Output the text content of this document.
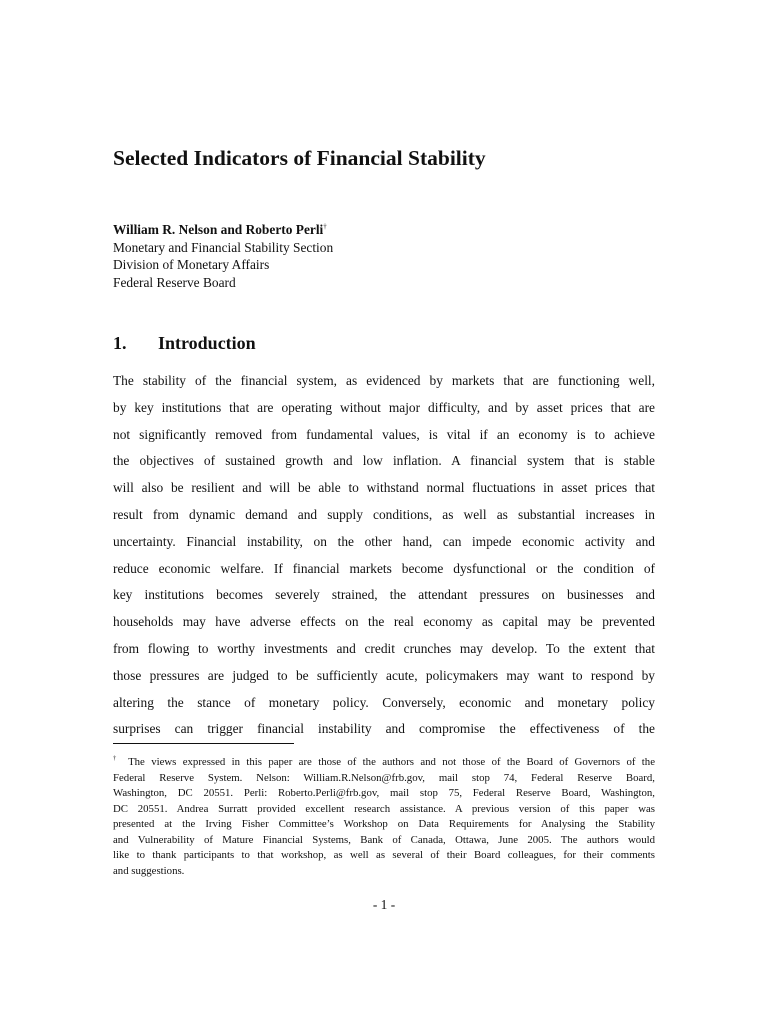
Selected Indicators of Financial Stability
William R. Nelson and Roberto Perli†
Monetary and Financial Stability Section
Division of Monetary Affairs
Federal Reserve Board
1. Introduction
The stability of the financial system, as evidenced by markets that are functioning well,
by key institutions that are operating without major difficulty, and by asset prices that are
not significantly removed from fundamental values, is vital if an economy is to achieve
the objectives of sustained growth and low inflation. A financial system that is stable
will also be resilient and will be able to withstand normal fluctuations in asset prices that
result from dynamic demand and supply conditions, as well as substantial increases in
uncertainty. Financial instability, on the other hand, can impede economic activity and
reduce economic welfare. If financial markets become dysfunctional or the condition of
key institutions becomes severely strained, the attendant pressures on businesses and
households may have adverse effects on the real economy as capital may be prevented
from flowing to worthy investments and credit crunches may develop. To the extent that
those pressures are judged to be sufficiently acute, policymakers may want to respond by
altering the stance of monetary policy. Conversely, economic and monetary policy
surprises can trigger financial instability and compromise the effectiveness of the
† The views expressed in this paper are those of the authors and not those of the Board of Governors of the
Federal Reserve System. Nelson: William.R.Nelson@frb.gov, mail stop 74, Federal Reserve Board,
Washington, DC 20551. Perli: Roberto.Perli@frb.gov, mail stop 75, Federal Reserve Board, Washington,
DC 20551. Andrea Surratt provided excellent research assistance. A previous version of this paper was
presented at the Irving Fisher Committee’s Workshop on Data Requirements for Analysing the Stability
and Vulnerability of Mature Financial Systems, Bank of Canada, Ottawa, June 2005. The authors would
like to thank participants to that workshop, as well as several of their Board colleagues, for their comments
and suggestions.
- 1 -
